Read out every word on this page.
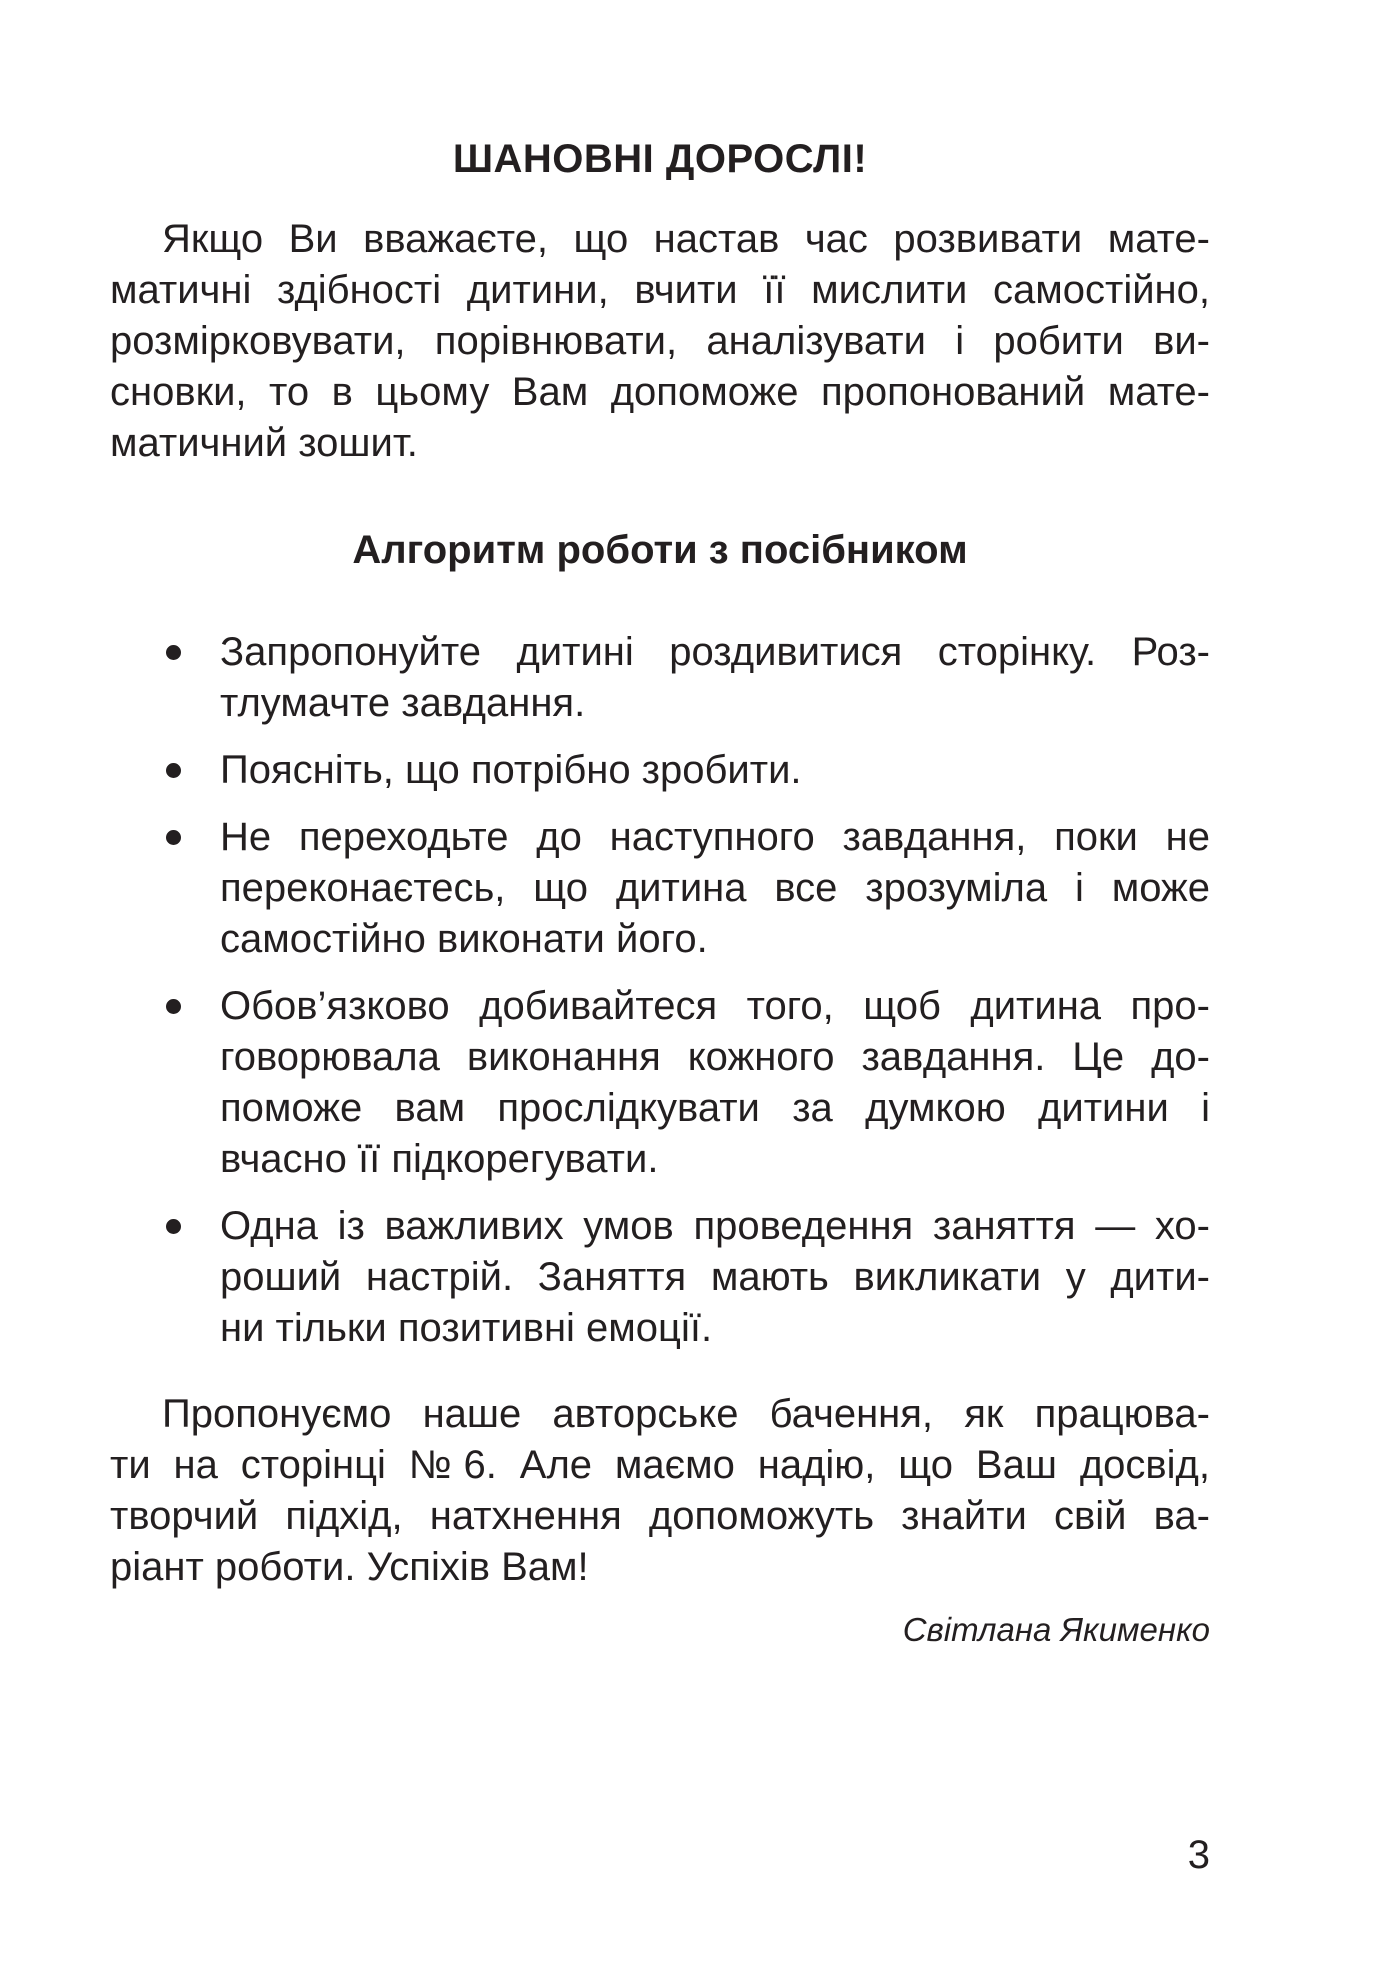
ШАНОВНІ ДОРОСЛІ!
Якщо Ви вважаєте, що настав час розвивати мате-
матичні здібності дитини, вчити її мислити самостійно,
розмірковувати, порівнювати, аналізувати і робити ви-
сновки, то в цьому Вам допоможе пропонований мате-
матичний зошит.
Алгоритм роботи з посібником
Запропонуйте дитині роздивитися сторінку. Роз-
тлумачте завдання.
Поясніть, що потрібно зробити.
Не переходьте до наступного завдання, поки не
переконаєтесь, що дитина все зрозуміла і може
самостійно виконати його.
Обов’язково добивайтеся того, щоб дитина про-
говорювала виконання кожного завдання. Це до-
поможе вам прослідкувати за думкою дитини і
вчасно її підкорегувати.
Одна із важливих умов проведення заняття — хо-
роший настрій. Заняття мають викликати у дити-
ни тільки позитивні емоції.
Пропонуємо наше авторське бачення, як працюва-
ти на сторінці №6. Але маємо надію, що Ваш досвід,
творчий підхід, натхнення допоможуть знайти свій ва-
ріант роботи. Успіхів Вам!
Світлана Якименко
3
